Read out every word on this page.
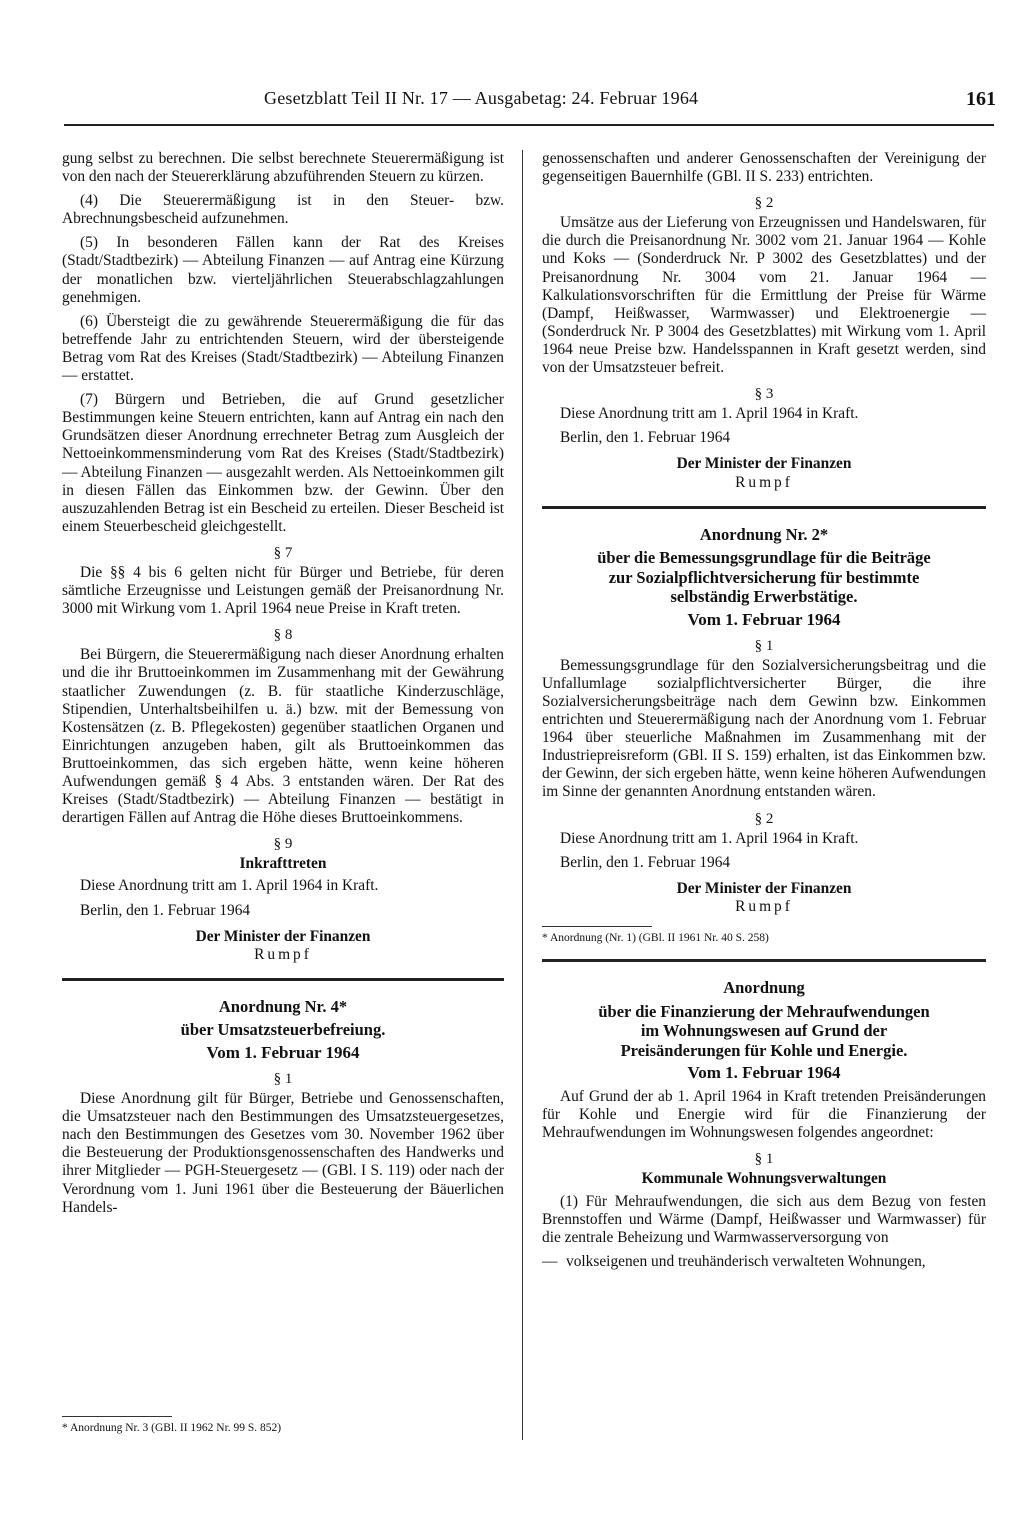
Gesetzblatt Teil II Nr. 17 — Ausgabetag: 24. Februar 1964	161

gung selbst zu berechnen. Die selbst berechnete Steuerermäßigung ist von den nach der Steuererklärung abzuführenden Steuern zu kürzen.

(4) Die Steuerermäßigung ist in den Steuer- bzw. Abrechnungsbescheid aufzunehmen.

(5) In besonderen Fällen kann der Rat des Kreises (Stadt/Stadtbezirk) — Abteilung Finanzen — auf Antrag eine Kürzung der monatlichen bzw. vierteljährlichen Steuerabschlagzahlungen genehmigen.

(6) Übersteigt die zu gewährende Steuerermäßigung die für das betreffende Jahr zu entrichtenden Steuern, wird der übersteigende Betrag vom Rat des Kreises (Stadt/Stadtbezirk) — Abteilung Finanzen — erstattet.

(7) Bürgern und Betrieben, die auf Grund gesetzlicher Bestimmungen keine Steuern entrichten, kann auf Antrag ein nach den Grundsätzen dieser Anordnung errechneter Betrag zum Ausgleich der Nettoeinkommensminderung vom Rat des Kreises (Stadt/Stadtbezirk) — Abteilung Finanzen — ausgezahlt werden. Als Nettoeinkommen gilt in diesen Fällen das Einkommen bzw. der Gewinn. Über den auszuzahlenden Betrag ist ein Bescheid zu erteilen. Dieser Bescheid ist einem Steuerbescheid gleichgestellt.

§ 7

Die §§ 4 bis 6 gelten nicht für Bürger und Betriebe, für deren sämtliche Erzeugnisse und Leistungen gemäß der Preisanordnung Nr. 3000 mit Wirkung vom 1. April 1964 neue Preise in Kraft treten.

§ 8

Bei Bürgern, die Steuerermäßigung nach dieser Anordnung erhalten und die ihr Bruttoeinkommen im Zusammenhang mit der Gewährung staatlicher Zuwendungen (z. B. für staatliche Kinderzuschläge, Stipendien, Unterhaltsbeihilfen u. ä.) bzw. mit der Bemessung von Kostensätzen (z. B. Pflegekosten) gegenüber staatlichen Organen und Einrichtungen anzugeben haben, gilt als Bruttoeinkommen das Bruttoeinkommen, das sich ergeben hätte, wenn keine höheren Aufwendungen gemäß § 4 Abs. 3 entstanden wären. Der Rat des Kreises (Stadt/Stadtbezirk) — Abteilung Finanzen — bestätigt in derartigen Fällen auf Antrag die Höhe dieses Bruttoeinkommens.

§ 9
Inkrafttreten

Diese Anordnung tritt am 1. April 1964 in Kraft.

Berlin, den 1. Februar 1964

Der Minister der Finanzen

Rumpf

Anordnung Nr. 4*
über Umsatzsteuerbefreiung.
Vom 1. Februar 1964
§ 1

Diese Anordnung gilt für Bürger, Betriebe und Genossenschaften, die Umsatzsteuer nach den Bestimmungen des Umsatzsteuergesetzes, nach den Bestimmungen des Gesetzes vom 30. November 1962 über die Besteuerung der Produktionsgenossenschaften des Handwerks und ihrer Mitglieder — PGH-Steuergesetz — (GBl. I S. 119) oder nach der Verordnung vom 1. Juni 1961 über die Besteuerung der Bäuerlichen Handels-

* Anordnung Nr. 3 (GBl. II 1962 Nr. 99 S. 852)

genossenschaften und anderer Genossenschaften der Vereinigung der gegenseitigen Bauernhilfe (GBl. II S. 233) entrichten.

§ 2

Umsätze aus der Lieferung von Erzeugnissen und Handelswaren, für die durch die Preisanordnung Nr. 3002 vom 21. Januar 1964 — Kohle und Koks — (Sonderdruck Nr. P 3002 des Gesetzblattes) und der Preisanordnung Nr. 3004 vom 21. Januar 1964 — Kalkulationsvorschriften für die Ermittlung der Preise für Wärme (Dampf, Heißwasser, Warmwasser) und Elektroenergie — (Sonderdruck Nr. P 3004 des Gesetzblattes) mit Wirkung vom 1. April 1964 neue Preise bzw. Handelsspannen in Kraft gesetzt werden, sind von der Umsatzsteuer befreit.

§ 3

Diese Anordnung tritt am 1. April 1964 in Kraft.

Berlin, den 1. Februar 1964

Der Minister der Finanzen

Rumpf

Anordnung Nr. 2*
über die Bemessungsgrundlage für die Beiträge
zur Sozialpflichtversicherung für bestimmte
selbständig Erwerbstätige.
Vom 1. Februar 1964
§ 1

Bemessungsgrundlage für den Sozialversicherungsbeitrag und die Unfallumlage sozialpflichtversicherter Bürger, die ihre Sozialversicherungsbeiträge nach dem Gewinn bzw. Einkommen entrichten und Steuerermäßigung nach der Anordnung vom 1. Februar 1964 über steuerliche Maßnahmen im Zusammenhang mit der Industriepreisreform (GBl. II S. 159) erhalten, ist das Einkommen bzw. der Gewinn, der sich ergeben hätte, wenn keine höheren Aufwendungen im Sinne der genannten Anordnung entstanden wären.

§ 2

Diese Anordnung tritt am 1. April 1964 in Kraft.

Berlin, den 1. Februar 1964

Der Minister der Finanzen

Rumpf

* Anordnung (Nr. 1) (GBl. II 1961 Nr. 40 S. 258)

Anordnung
über die Finanzierung der Mehraufwendungen
im Wohnungswesen auf Grund der
Preisänderungen für Kohle und Energie.
Vom 1. Februar 1964

Auf Grund der ab 1. April 1964 in Kraft tretenden Preisänderungen für Kohle und Energie wird für die Finanzierung der Mehraufwendungen im Wohnungswesen folgendes angeordnet:

§ 1
Kommunale Wohnungsverwaltungen

(1) Für Mehraufwendungen, die sich aus dem Bezug von festen Brennstoffen und Wärme (Dampf, Heißwasser und Warmwasser) für die zentrale Beheizung und Warmwasserversorgung von

— volkseigenen und treuhänderisch verwalteten Wohnungen,
